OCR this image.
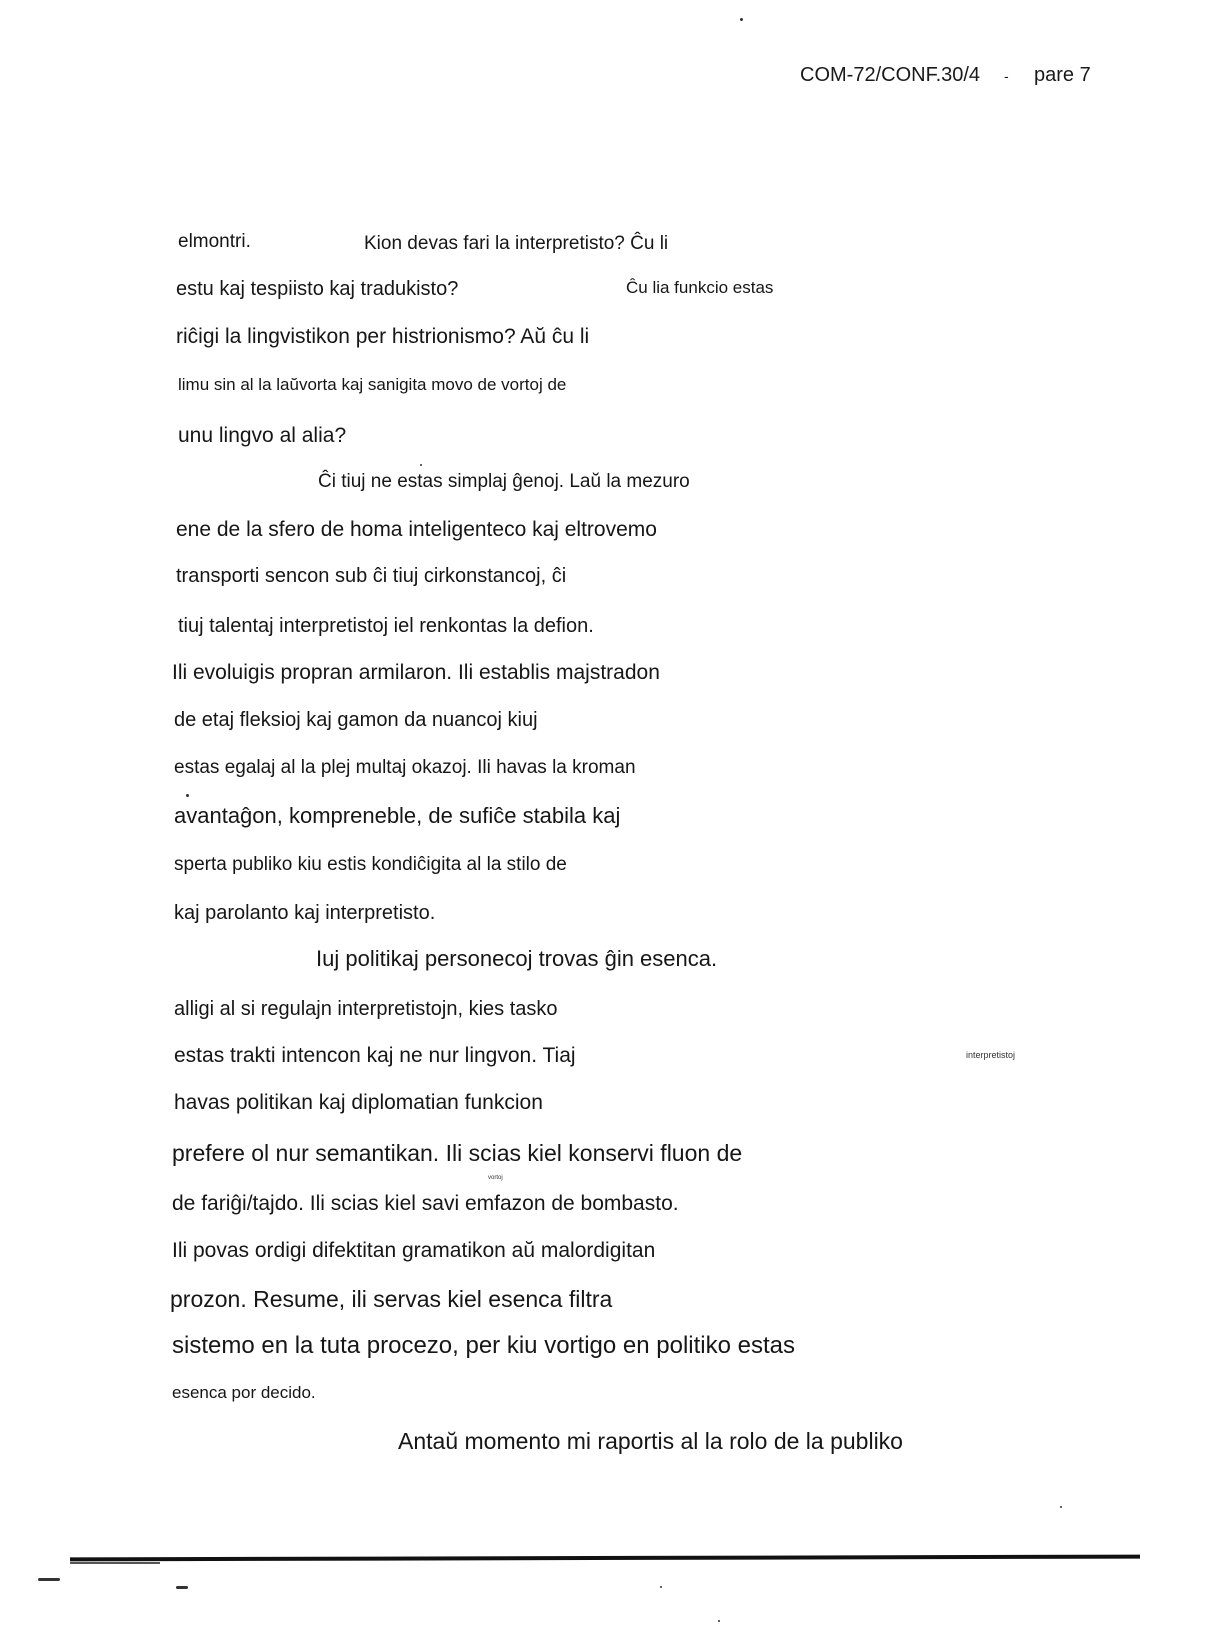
COM-72/CONF.30/4 - pare 7
elmontri.	Kion devas fari la interpretisto? Ĉu li
estu kaj tespiisto kaj tradukisto?	Ĉu lia funkcio estas
riĉigi la lingvistikon per histrionismo? Aŭ ĉu li
limu sin al la laŭvorta kaj sanigita movo de vortoj de
unu lingvo al alia?
Ĉi tiuj ne estas simplaj ĝenoj. Laŭ la mezuro
ene de la sfero de homa inteligenteco kaj eltrovemo
transporti sencon sub ĉi tiuj cirkonstancoj, ĉi
tiuj talentaj interpretistoj iel renkontas la defion.
Ili evoluigis propran armilaron. Ili establis majstradon
de etaj fleksioj kaj gamon da nuancoj kiuj
estas egalaj al la plej multaj okazoj. Ili havas la kroman
avantaĝon, kompreneble, de sufiĉe stabila kaj
sperta publiko kiu estis kondiĉigita al la stilo de
kaj parolanto kaj interpretisto.
Iuj politikaj personecoj trovas ĝin esenca.
alligi al si regulajn interpretistojn, kies tasko
estas trakti intencon kaj ne nur lingvon. Tiaj
havas politikan kaj diplomatian funkcion
prefere ol nur semantikan. Ili scias kiel konservi fluon de
de fariĝi/tajdo. Ili scias kiel savi emfazon de bombasto.
Ili povas ordigi difektitan gramatikon aŭ malordigitan
prozon. Resume, ili servas kiel esenca filtra
sistemo en la tuta procezo, per kiu vortigo en politiko estas
esenca por decido.
Antaŭ momento mi raportis al la rolo de la publiko
interpretistoj
vortoj
